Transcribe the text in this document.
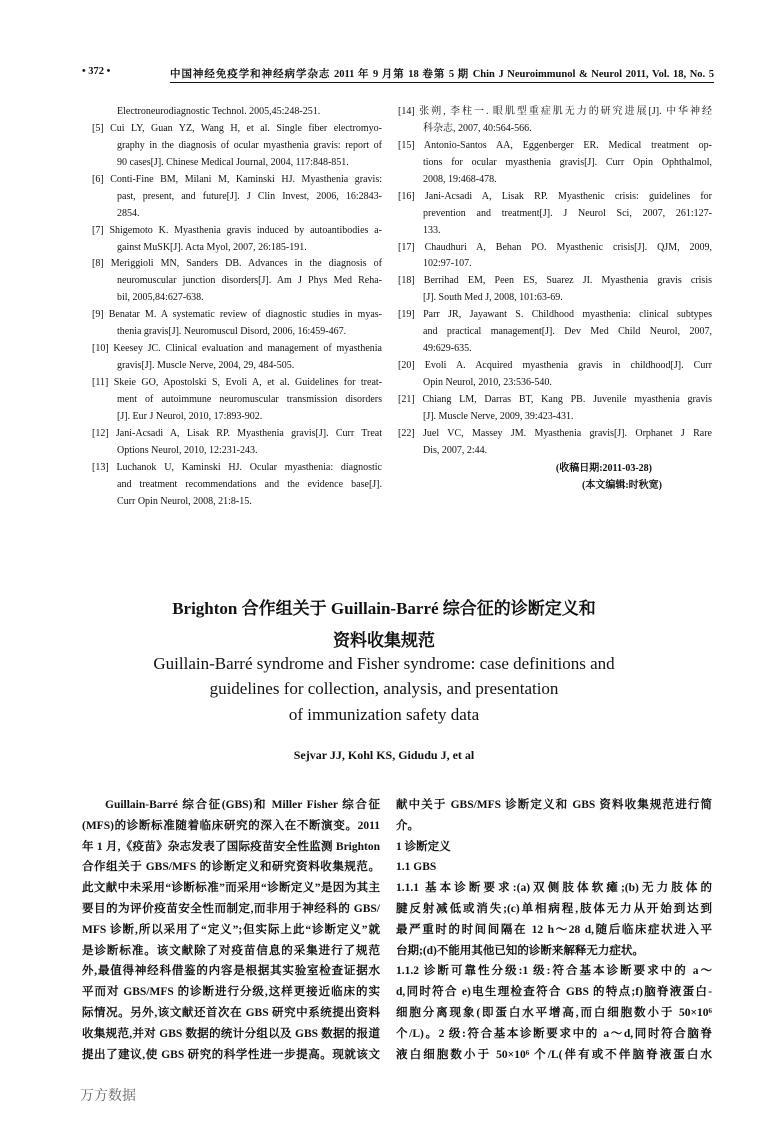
• 372 •	中国神经免疫学和神经病学杂志 2011 年 9 月第 18 卷第 5 期 Chin J Neuroimmunol & Neurol 2011, Vol. 18, No. 5
Electroneurodiagnostic Technol. 2005,45:248-251.
[5] Cui LY, Guan YZ, Wang H, et al. Single fiber electromyo-
graphy in the diagnosis of ocular myasthenia gravis: report of
90 cases[J]. Chinese Medical Journal, 2004, 117:848-851.
[6] Conti-Fine BM, Milani M, Kaminski HJ. Myasthenia gravis:
past, present, and future[J]. J Clin Invest, 2006, 16:2843-
2854.
[7] Shigemoto K. Myasthenia gravis induced by autoantibodies a-
gainst MuSK[J]. Acta Myol, 2007, 26:185-191.
[8] Meriggioli MN, Sanders DB. Advances in the diagnosis of
neuromuscular junction disorders[J]. Am J Phys Med Reha-
bil, 2005,84:627-638.
[9] Benatar M. A systematic review of diagnostic studies in myas-
thenia gravis[J]. Neuromuscul Disord, 2006, 16:459-467.
[10] Keesey JC. Clinical evaluation and management of myasthenia
gravis[J]. Muscle Nerve, 2004, 29, 484-505.
[11] Skeie GO, Apostolski S, Evoli A, et al. Guidelines for treat-
ment of autoimmune neuromuscular transmission disorders
[J]. Eur J Neurol, 2010, 17:893-902.
[12] Jani-Acsadi A, Lisak RP. Myasthenia gravis[J]. Curr Treat
Options Neurol, 2010, 12:231-243.
[13] Luchanok U, Kaminski HJ. Ocular myasthenia: diagnostic
and treatment recommendations and the evidence base[J].
Curr Opin Neurol, 2008, 21:8-15.
[14] 张朔, 李柱一. 眼肌型重症肌无力的研究进展[J]. 中华神经
科杂志, 2007, 40:564-566.
[15] Antonio-Santos AA, Eggenberger ER. Medical treatment op-
tions for ocular myasthenia gravis[J]. Curr Opin Ophthalmol,
2008, 19:468-478.
[16] Jani-Acsadi A, Lisak RP. Myasthenic crisis: guidelines for
prevention and treatment[J]. J Neurol Sci, 2007, 261:127-
133.
[17] Chaudhuri A, Behan PO. Myasthenic crisis[J]. QJM, 2009,
102:97-107.
[18] Berrihad EM, Peen ES, Suarez JI. Myasthenia gravis crisis
[J]. South Med J, 2008, 101:63-69.
[19] Parr JR, Jayawant S. Childhood myasthenia: clinical subtypes
and practical management[J]. Dev Med Child Neurol, 2007,
49:629-635.
[20] Evoli A. Acquired myasthenia gravis in childhood[J]. Curr
Opin Neurol, 2010, 23:536-540.
[21] Chiang LM, Darras BT, Kang PB. Juvenile myasthenia gravis
[J]. Muscle Nerve, 2009, 39:423-431.
[22] Juel VC, Massey JM. Myasthenia gravis[J]. Orphanet J Rare
Dis, 2007, 2:44.
(收稿日期:2011-03-28)
(本文编辑:时秋宽)
Brighton 合作组关于 Guillain-Barré 综合征的诊断定义和
资料收集规范
Guillain-Barré syndrome and Fisher syndrome: case definitions and
guidelines for collection, analysis, and presentation
of immunization safety data
Sejvar JJ, Kohl KS, Gidudu J, et al
Guillain-Barré 综合征(GBS)和 Miller Fisher 综合征
(MFS)的诊断标准随着临床研究的深入在不断演变。2011
年 1 月,《疫苗》杂志发表了国际疫苗安全性监测 Brighton
合作组关于 GBS/MFS 的诊断定义和研究资料收集规范。
此文献中未采用“诊断标准”而采用“诊断定义”是因为其主
要目的为评价疫苗安全性而制定,而非用于神经科的 GBS/
MFS 诊断,所以采用了“定义”;但实际上此“诊断定义”就
是诊断标准。该文献除了对疫苗信息的采集进行了规范
外,最值得神经科借鉴的内容是根据其实验室检查证据水
平而对 GBS/MFS 的诊断进行分级,这样更接近临床的实
际情况。另外,该文献还首次在 GBS 研究中系统提出资料
收集规范,并对 GBS 数据的统计分组以及 GBS 数据的报道
提出了建议,使 GBS 研究的科学性进一步提高。现就该文
献中关于 GBS/MFS 诊断定义和 GBS 资料收集规范进行简
介。
1 诊断定义
1.1 GBS
1.1.1 基本诊断要求:(a)双侧肢体软瘫;(b)无力肢体的
腱反射减低或消失;(c)单相病程,肢体无力从开始到达到
最严重时的时间间隔在 12 h～28 d,随后临床症状进入平
台期;(d)不能用其他已知的诊断来解释无力症状。
1.1.2 诊断可靠性分级:1 级:符合基本诊断要求中的 a～
d,同时符合 e)电生理检查符合 GBS 的特点;f)脑脊液蛋白-
细胞分离现象(即蛋白水平增高,而白细胞数小于 50×10⁶
个/L)。2 级:符合基本诊断要求中的 a～d,同时符合脑脊
液白细胞数小于 50×10⁶ 个/L(伴有或不伴脑脊液蛋白水
万方数据
